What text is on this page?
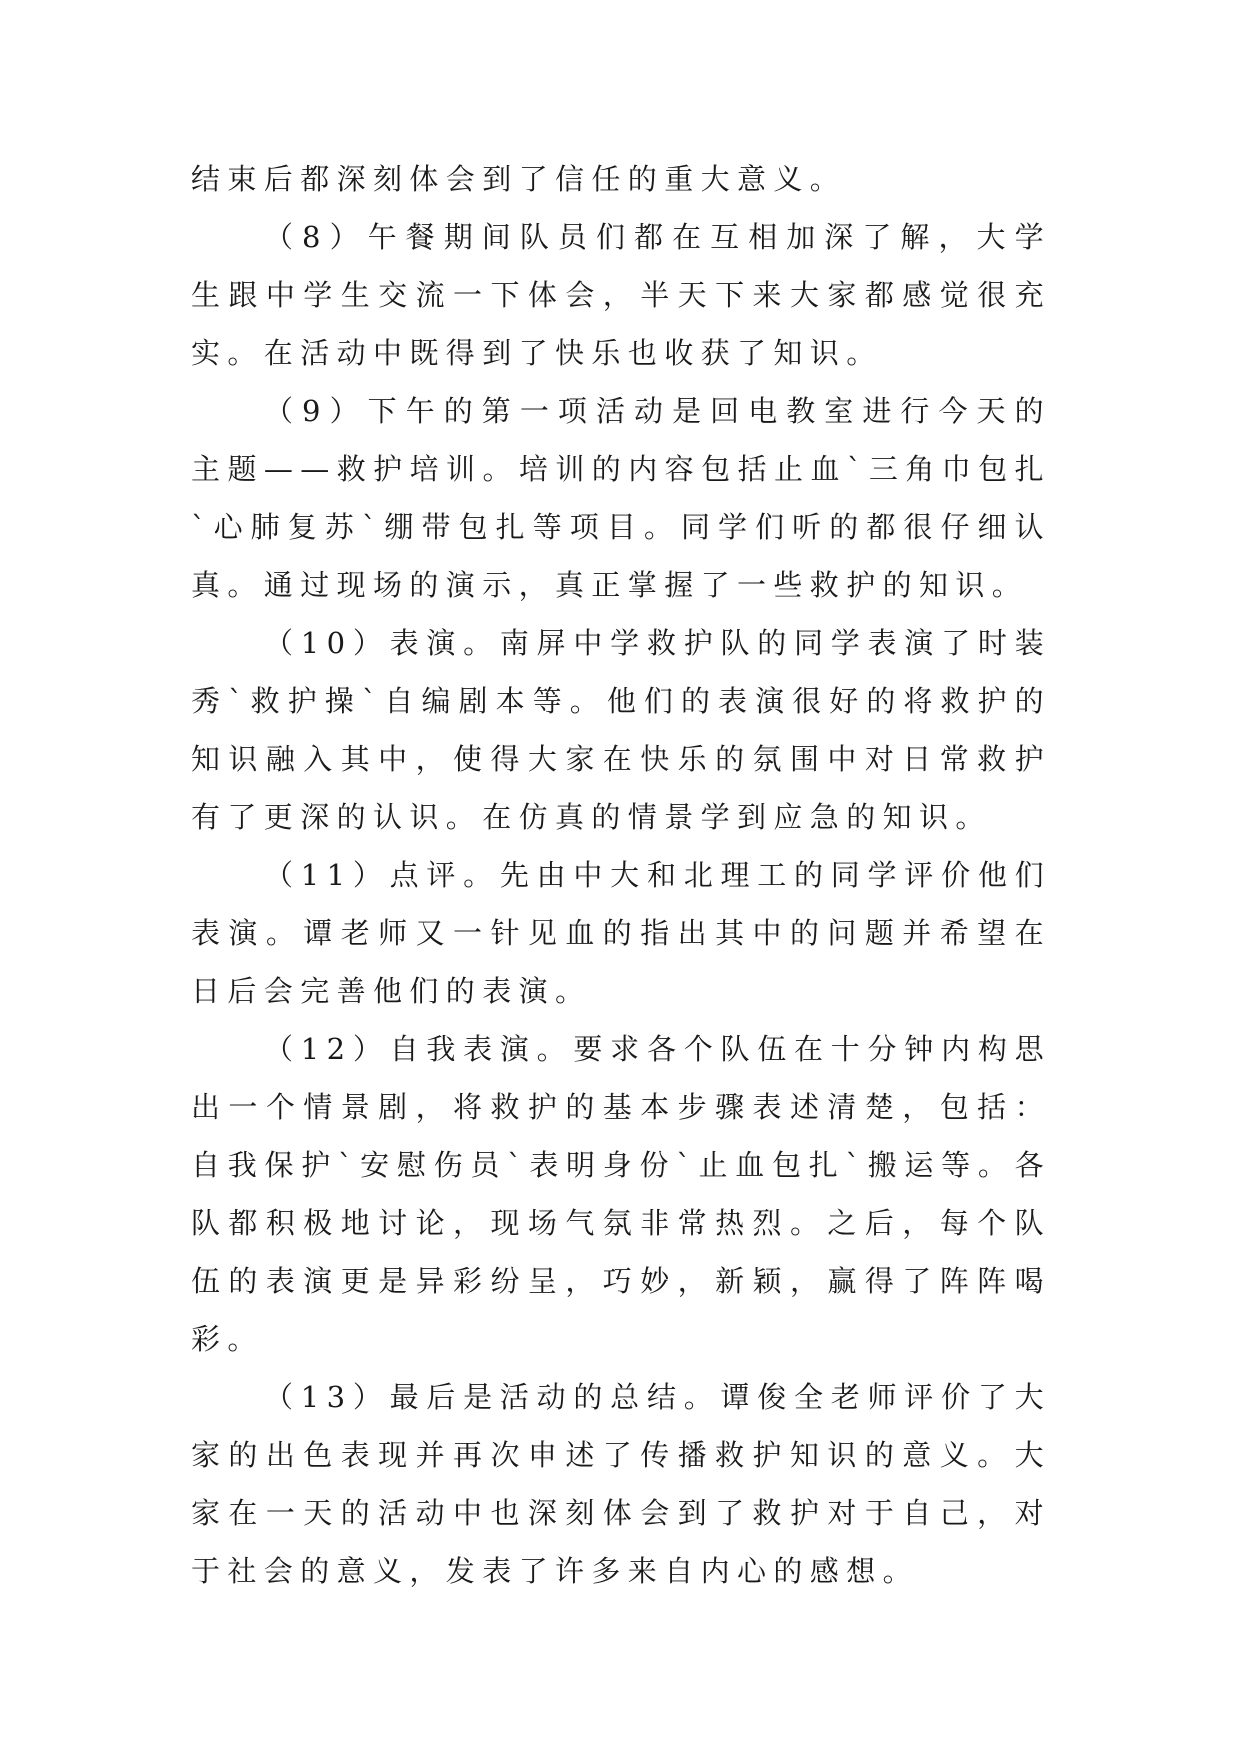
结束后都深刻体会到了信任的重大意义。

（8）午餐期间队员们都在互相加深了解，大学生跟中学生交流一下体会，半天下来大家都感觉很充实。在活动中既得到了快乐也收获了知识。

（9）下午的第一项活动是回电教室进行今天的主题——救护培训。培训的内容包括止血`三角巾包扎`心肺复苏`绷带包扎等项目。同学们听的都很仔细认真。通过现场的演示，真正掌握了一些救护的知识。

（10）表演。南屏中学救护队的同学表演了时装秀`救护操`自编剧本等。他们的表演很好的将救护的知识融入其中，使得大家在快乐的氛围中对日常救护有了更深的认识。在仿真的情景学到应急的知识。

（11）点评。先由中大和北理工的同学评价他们表演。谭老师又一针见血的指出其中的问题并希望在日后会完善他们的表演。

（12）自我表演。要求各个队伍在十分钟内构思出一个情景剧，将救护的基本步骤表述清楚，包括：自我保护`安慰伤员`表明身份`止血包扎`搬运等。各队都积极地讨论，现场气氛非常热烈。之后，每个队伍的表演更是异彩纷呈，巧妙，新颖，赢得了阵阵喝彩。

（13）最后是活动的总结。谭俊全老师评价了大家的出色表现并再次申述了传播救护知识的意义。大家在一天的活动中也深刻体会到了救护对于自己，对于社会的意义，发表了许多来自内心的感想。
